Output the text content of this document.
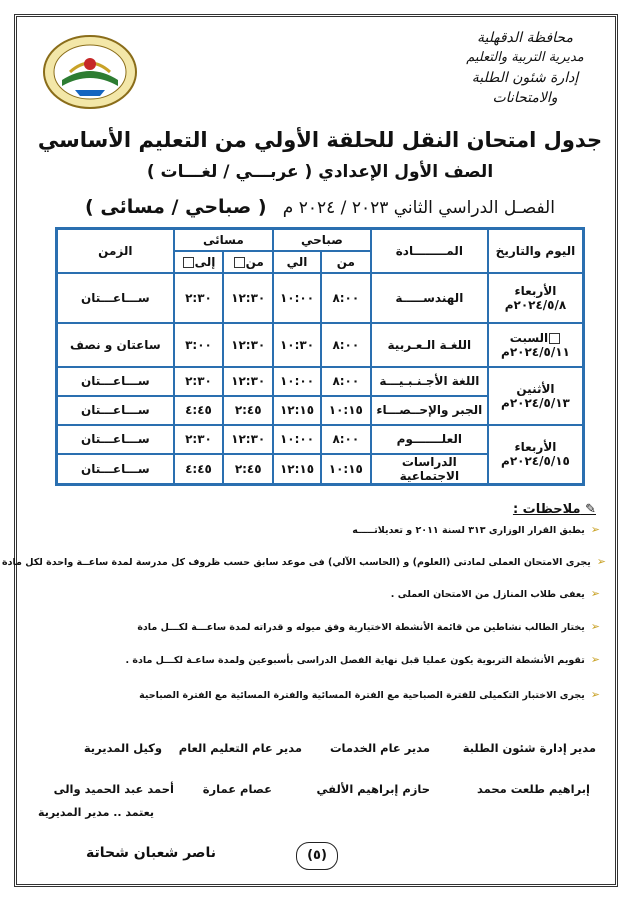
محافظة الدقهلية
مديرية التربية والتعليم
إدارة شئون الطلبة والامتحانات
جدول امتحان النقل للحلقة الأولي من التعليم الأساسي
الصف الأول الإعدادي ( عربـــي / لغـــات )
الفصـل الدراسي الثاني ٢٠٢٣ / ٢٠٢٤ م   ( صباحي / مسائى )
اليوم والتاريخ	المــــــــادة	صباحي		مسائى		الزمن
		من	الي	من	إلى	

الأربعاء
٢٠٢٤/٥/٨م	الهندســـــة	٨:٠٠	١٠:٠٠	١٢:٣٠	٢:٣٠	ســـاعـــتان

السبت
٢٠٢٤/٥/١١م	اللغـة الـعـربية	٨:٠٠	١٠:٣٠	١٢:٣٠	٣:٠٠	ساعتان و نصف

الأثنين
٢٠٢٤/٥/١٣م	اللغة الأجـنـبـيـــة	٨:٠٠	١٠:٠٠	١٢:٣٠	٢:٣٠	ســـاعـــتان
	الجبر والإحــصـــاء	١٠:١٥	١٢:١٥	٢:٤٥	٤:٤٥	ســـاعـــتان

الأربعاء
٢٠٢٤/٥/١٥م	العلـــــــوم	٨:٠٠	١٠:٠٠	١٢:٣٠	٢:٣٠	ســـاعـــتان
	الدراسات الاجتماعية	١٠:١٥	١٢:١٥	٢:٤٥	٤:٤٥	ســـاعـــتان
✎ ملاحظات :
➢يطبق القرار الوزارى ٣١٣ لسنة ٢٠١١ و تعديلاتـــــه
➢يجرى الامتحان العملى لمادتى (العلوم) و (الحاسب الآلي) فى موعد سابق حسب ظروف كل مدرسة لمدة ساعــة واحدة لكل مادة
➢يعفى طلاب المنازل من الامتحان العملى .
➢يختار الطالب نشاطين من قائمة الأنشطة الاختيارية وفق ميوله و قدراته لمدة ساعـــة لكـــل مادة
➢تقويم الأنشطة التربوية يكون عمليا قبل نهاية الفصل الدراسى بأسبوعين ولمدة ساعـة لكـــل مادة .
➢يجرى الاختبار التكميلى للفترة الصباحية مع الفترة المسائية والفترة المسائية مع الفترة الصباحية
مدير إدارة شئون الطلبة
مدير عام الخدمات
مدير عام التعليم العام
وكيل المديرية
إبراهيم طلعت محمد
حازم إبراهيم الألفي
عصام عمارة
أحمد عبد الحميد والى
يعتمد .. مدير المديرية
(٥)
ناصر شعبان شحاتة
